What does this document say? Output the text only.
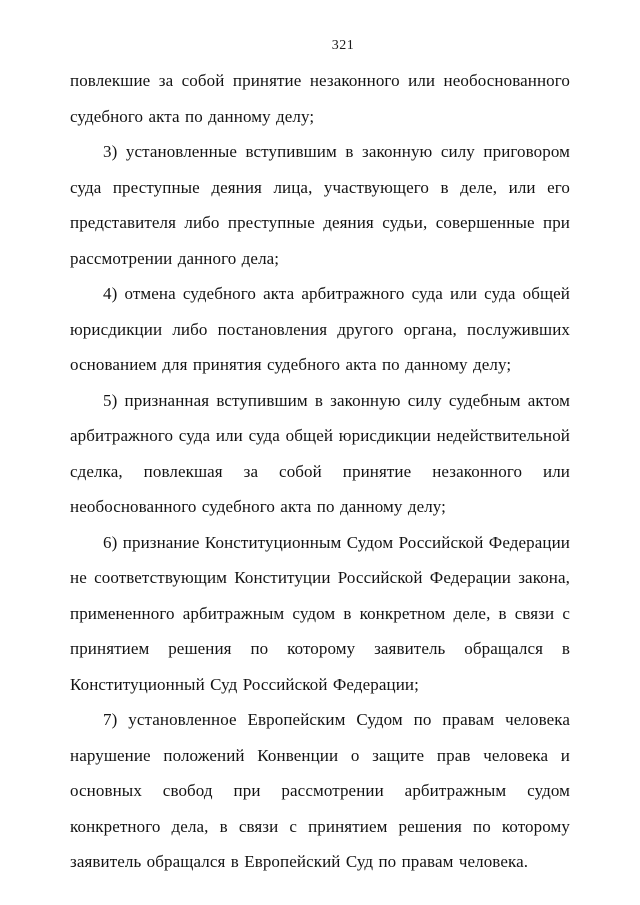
321

повлекшие за собой принятие незаконного или необоснованного судебного акта по данному делу;

3) установленные вступившим в законную силу приговором суда преступные деяния лица, участвующего в деле, или его представителя либо преступные деяния судьи, совершенные при рассмотрении данного дела;

4) отмена судебного акта арбитражного суда или суда общей юрисдикции либо постановления другого органа, послуживших основанием для принятия судебного акта по данному делу;

5) признанная вступившим в законную силу судебным актом арбитражного суда или суда общей юрисдикции недействительной сделка, повлекшая за собой принятие незаконного или необоснованного судебного акта по данному делу;

6) признание Конституционным Судом Российской Федерации не соответствующим Конституции Российской Федерации закона, примененного арбитражным судом в конкретном деле, в связи с принятием решения по которому заявитель обращался в Конституционный Суд Российской Федерации;

7) установленное Европейским Судом по правам человека нарушение положений Конвенции о защите прав человека и основных свобод при рассмотрении арбитражным судом конкретного дела, в связи с принятием решения по которому заявитель обращался в Европейский Суд по правам человека.
